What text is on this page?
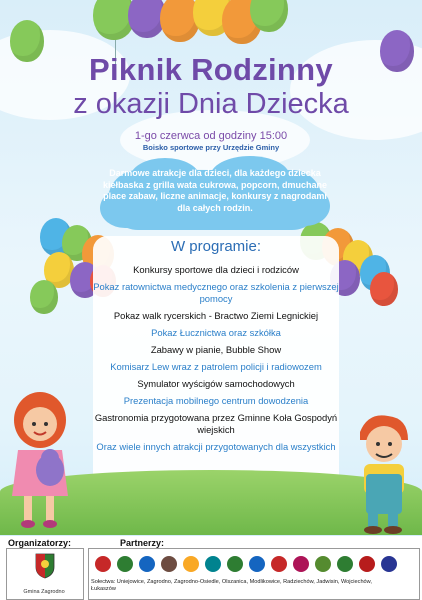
Piknik Rodzinny
z okazji Dnia Dziecka
1-go czerwca od godziny 15:00
Boisko sportowe przy Urzędzie Gminy
Darmowe atrakcje dla dzieci, dla każdego dziecka kiełbaska z grilla wata cukrowa, popcorn, dmuchane place zabaw, liczne animacje, konkursy z nagrodami dla całych rodzin.
W programie:
Konkursy sportowe dla dzieci i rodziców
Pokaz ratownictwa medycznego oraz szkolenia z pierwszej pomocy
Pokaz walk rycerskich - Bractwo Ziemi Legnickiej
Pokaz Łucznictwa oraz szkółka
Zabawy w pianie, Bubble Show
Komisarz Lew wraz z patrolem policji i radiowozem
Symulator wyścigów samochodowych
Prezentacja mobilnego centrum dowodzenia
Gastronomia przygotowana przez Gminne Koła Gospodyń wiejskich
Oraz wiele innych atrakcji przygotowanych dla wszystkich
Organizatorzy:	Partnerzy:
Gmina Zagrodno
Sołectwa: Uniejowice, Zagrodno, Zagrodno-Osiedle, Olszanica, Modlikowice, Radziechów, Jadwisin, Wojciechów, Łukaszów
